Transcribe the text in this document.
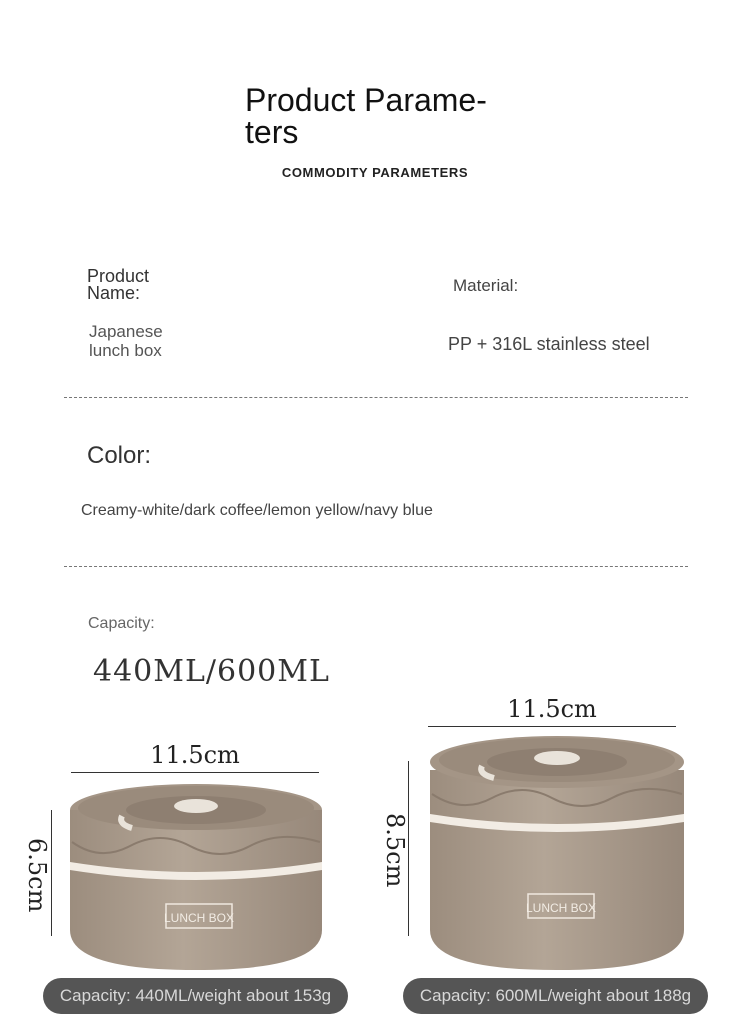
Product Parame-
ters
COMMODITY PARAMETERS
Product
Name:
Japanese
lunch box
Material:
PP + 316L stainless steel
Color:
Creamy-white/dark coffee/lemon yellow/navy blue
Capacity:
440ML/600ML
11.5cm
6.5cm
LUNCH BOX
Capacity: 440ML/weight about 153g
11.5cm
8.5cm
LUNCH BOX
Capacity: 600ML/weight about 188g
